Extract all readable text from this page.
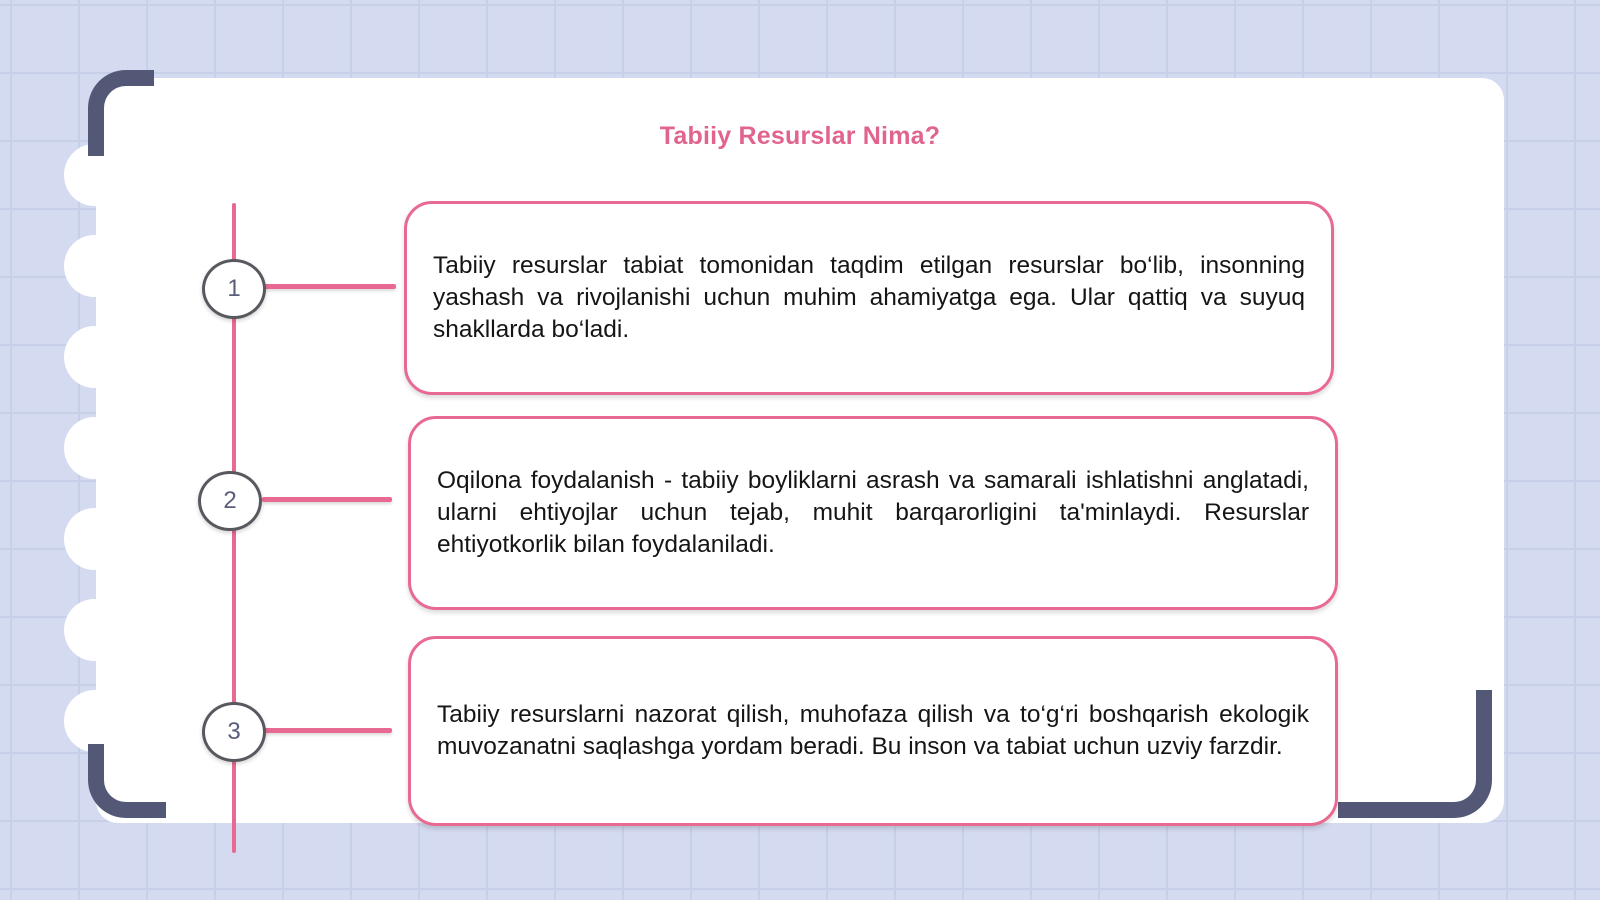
Tabiiy Resurslar Nima?
1
2
3

Tabiiy resurslar tabiat tomonidan taqdim etilgan resurslar bo‘lib, insonning yashash va rivojlanishi uchun muhim ahamiyatga ega. Ular qattiq va suyuq shakllarda bo‘ladi.

Oqilona foydalanish - tabiiy boyliklarni asrash va samarali ishlatishni anglatadi, ularni ehtiyojlar uchun tejab, muhit barqarorligini ta'minlaydi. Resurslar ehtiyotkorlik bilan foydalaniladi.

Tabiiy resurslarni nazorat qilish, muhofaza qilish va to‘g‘ri boshqarish ekologik muvozanatni saqlashga yordam beradi. Bu inson va tabiat uchun uzviy farzdir.
